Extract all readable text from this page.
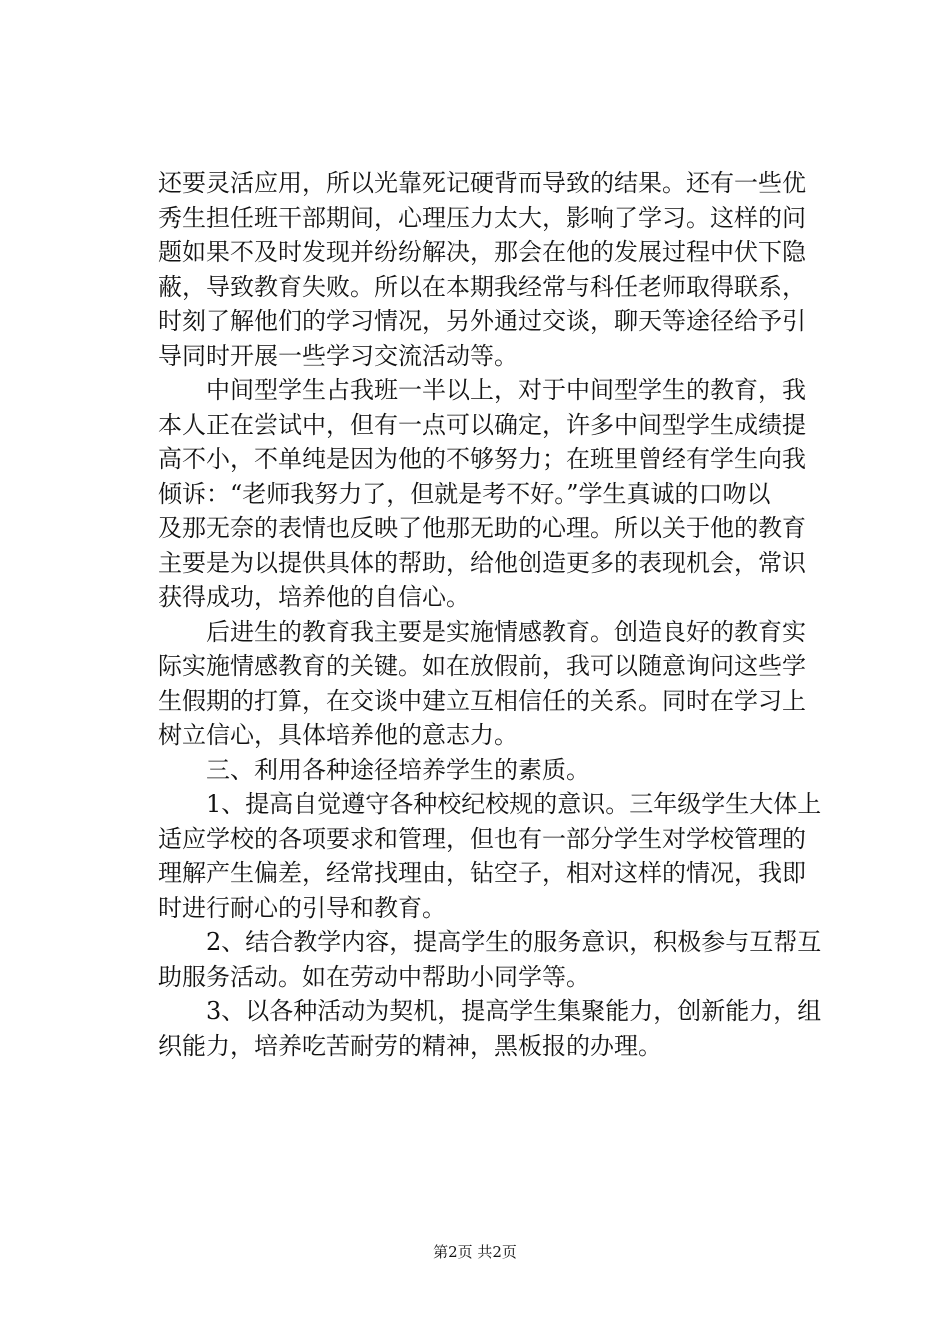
还要灵活应用，所以光靠死记硬背而导致的结果。还有一些优
秀生担任班干部期间，心理压力太大，影响了学习。这样的问
题如果不及时发现并纷纷解决，那会在他的发展过程中伏下隐
蔽，导致教育失败。所以在本期我经常与科任老师取得联系，
时刻了解他们的学习情况，另外通过交谈，聊天等途径给予引
导同时开展一些学习交流活动等。
　　中间型学生占我班一半以上，对于中间型学生的教育，我
本人正在尝试中，但有一点可以确定，许多中间型学生成绩提
高不小，不单纯是因为他的不够努力；在班里曾经有学生向我
倾诉：“老师我努力了，但就是考不好。”学生真诚的口吻以
及那无奈的表情也反映了他那无助的心理。所以关于他的教育
主要是为以提供具体的帮助，给他创造更多的表现机会，常识
获得成功，培养他的自信心。
　　后进生的教育我主要是实施情感教育。创造良好的教育实
际实施情感教育的关键。如在放假前，我可以随意询问这些学
生假期的打算，在交谈中建立互相信任的关系。同时在学习上
树立信心，具体培养他的意志力。
　　三、利用各种途径培养学生的素质。
　　1、提高自觉遵守各种校纪校规的意识。三年级学生大体上
适应学校的各项要求和管理，但也有一部分学生对学校管理的
理解产生偏差，经常找理由，钻空子，相对这样的情况，我即
时进行耐心的引导和教育。
　　2、结合教学内容，提高学生的服务意识，积极参与互帮互
助服务活动。如在劳动中帮助小同学等。
　　3、以各种活动为契机，提高学生集聚能力，创新能力，组
织能力，培养吃苦耐劳的精神，黑板报的办理。
第2页 共2页
